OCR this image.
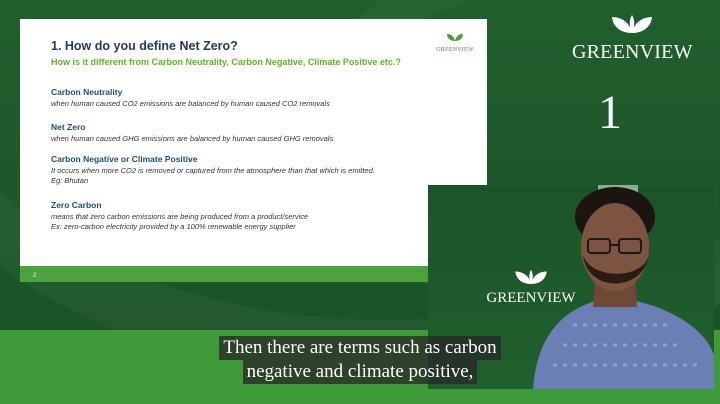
GREENVIEW
1. How do you define Net Zero?
How is it different from Carbon Neutrality, Carbon Negative, Climate Positive etc.?
Carbon Neutrality
when human caused CO2 emissions are balanced by human caused CO2 removals
Net Zero
when human caused GHG emissions are balanced by human caused GHG removals
Carbon Negative or Climate Positive
It occurs when more CO2 is removed or captured from the atmosphere than that which is emitted.
Eg: Bhutan
Zero Carbon
means that zero carbon emissions are being produced from a product/service
Ex: zero-carbon electricity provided by a 100% renewable energy supplier
2
GREENVIEW
1
GREENVIEW
Then there are terms such as carbon
negative and climate positive,
